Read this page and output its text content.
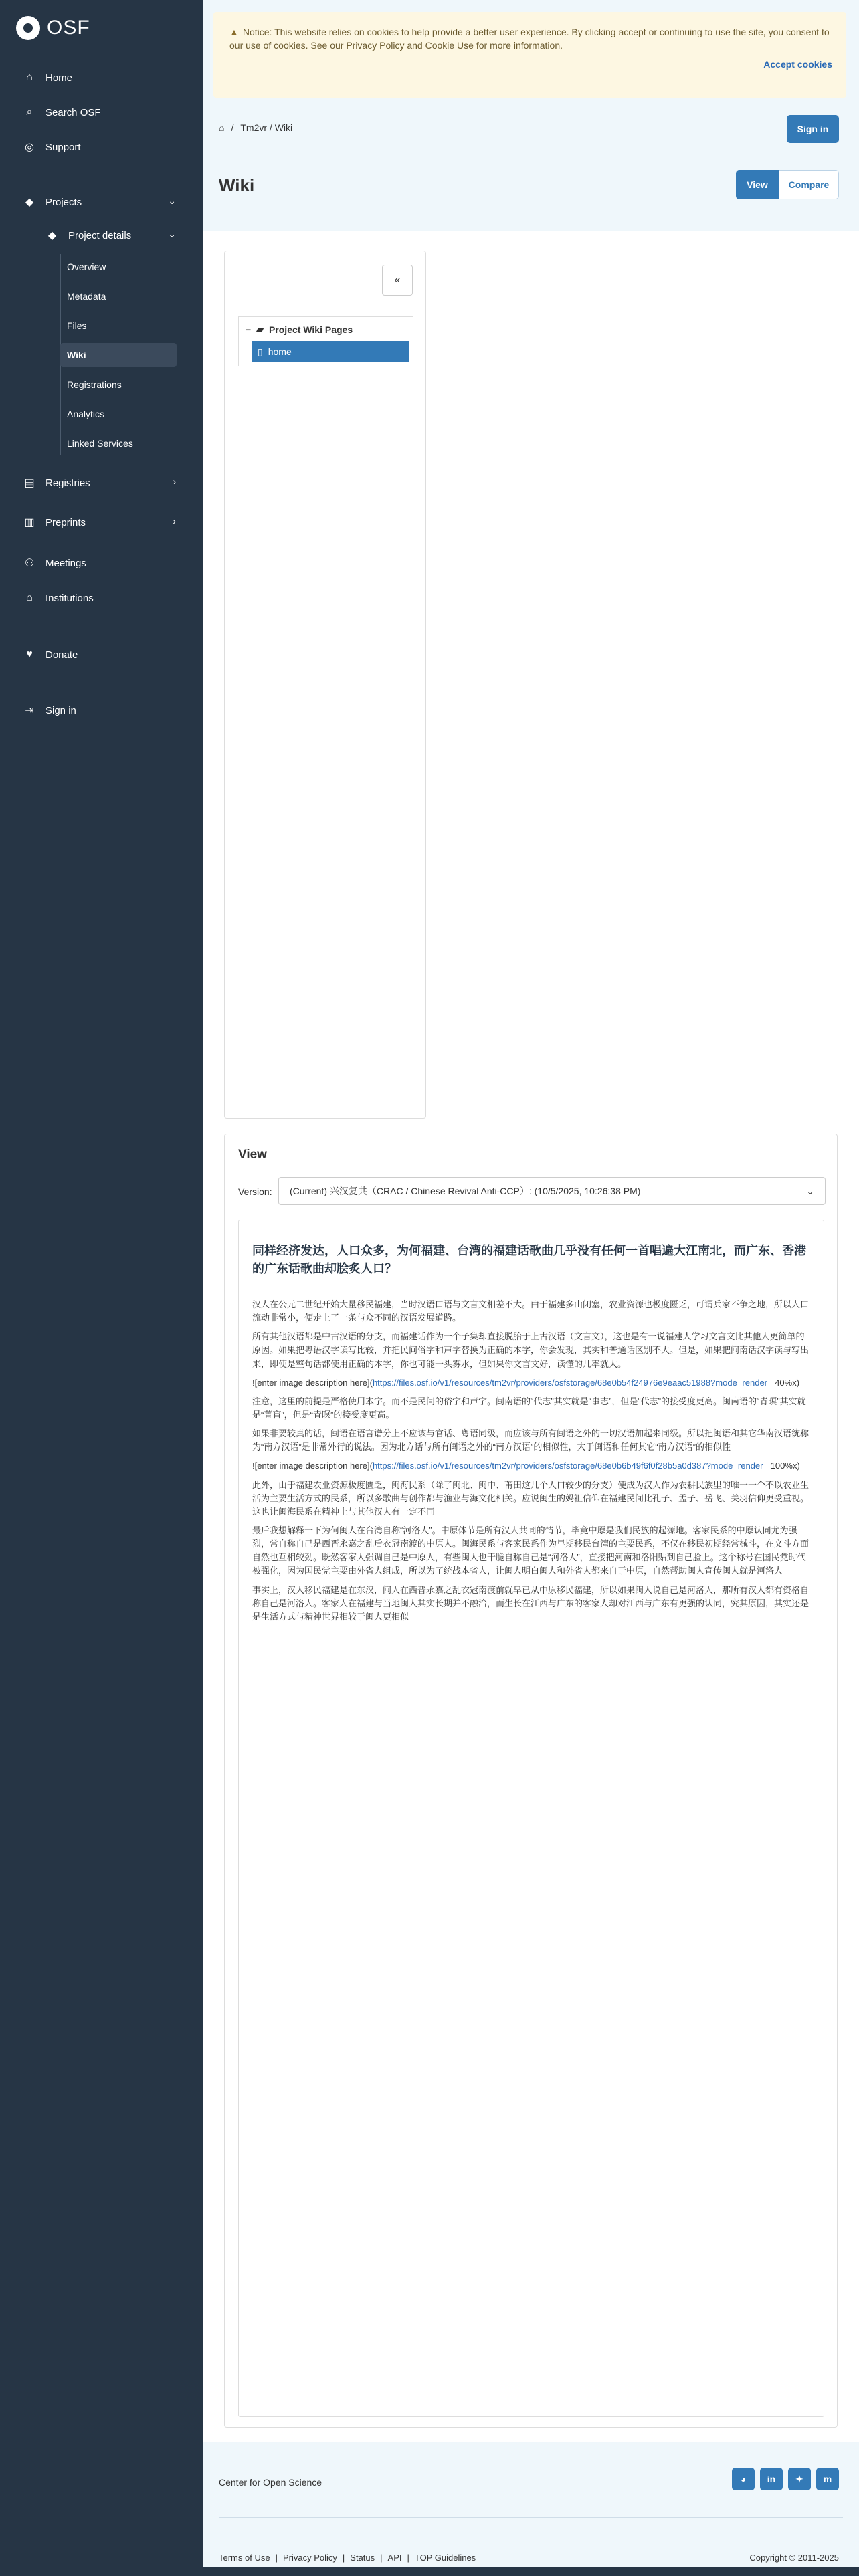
OSF
⌂	Home
⌕	Search OSF
◎ Support
◆ Projects	⌄
◆ Project details	⌄
Overview
Metadata
Files
Wiki
Registrations
Analytics
Linked Services
▤ Registries	›
▥ Preprints	›
⚇ Meetings
⌂	Institutions
♥	Donate
⇥ Sign in
▲ Notice: This website relies on cookies to help provide a better user experience. By clicking accept or continuing to use the site, you consent to our use of cookies. See our Privacy Policy and Cookie Use for more information.
Accept cookies
⌂ / Tm2vr / Wiki	Sign in
Wiki	View	Compare
«
− ▰ Project Wiki Pages
▯ home
View
Version: (Current) 兴汉复共（CRAC / Chinese Revival Anti-CCP）: (10/5/2025, 10:26:38 PM)	⌄
同样经济发达，人口众多，为何福建、台湾的福建话歌曲几乎没有任何一首唱遍大江南北，而广东、香港的广东话歌曲却脍炙人口？

汉人在公元二世纪开始大量移民福建，当时汉语口语与文言文相差不大。由于福建多山闭塞，农业资源也极度匮乏，可谓兵家不争之地，所以人口流动非常小，便走上了一条与众不同的汉语发展道路。

所有其他汉语都是中古汉语的分支，而福建话作为一个子集却直接脱胎于上古汉语（文言文），这也是有一说福建人学习文言文比其他人更简单的原因。如果把粤语汉字读写比较，并把民间俗字和声字替换为正确的本字，你会发现，其实和普通话区别不大。但是，如果把闽南话汉字读与写出来，即使是整句话都使用正确的本字，你也可能一头雾水，但如果你文言文好，读懂的几率就大。

![enter image description here](https://files.osf.io/v1/resources/tm2vr/providers/osfstorage/68e0b54f24976e9eaac51988?mode=render =40%x)

注意，这里的前提是严格使用本字。而不是民间的俗字和声字。闽南语的“代志”其实就是“事志”，但是“代志”的接受度更高。闽南语的“青暝”其实就是“菁盲”，但是“青暝”的接受度更高。

如果非要较真的话，闽语在语言谱分上不应该与官话、粤语同级，而应该与所有闽语之外的一切汉语加起来同级。所以把闽语和其它华南汉语统称为“南方汉语”是非常外行的说法。因为北方话与所有闽语之外的“南方汉语”的相似性，大于闽语和任何其它“南方汉语”的相似性

![enter image description here](https://files.osf.io/v1/resources/tm2vr/providers/osfstorage/68e0b6b49f6f0f28b5a0d387?mode=render =100%x)

此外，由于福建农业资源极度匮乏，闽海民系（除了闽北、闽中、莆田这几个人口较少的分支）便成为汉人作为农耕民族里的唯一一个不以农业生活为主要生活方式的民系，所以多歌曲与创作都与渔业与海文化相关。应说闽生的妈祖信仰在福建民间比孔子、孟子、岳飞、关羽信仰更受重视。这也让闽海民系在精神上与其他汉人有一定不同

最后我想解释一下为何闽人在台湾自称“河洛人”。中原体节是所有汉人共同的情节，毕竟中原是我们民族的起源地。客家民系的中原认同尤为强烈，常自称自己是西晋永嘉之乱后衣冠南渡的中原人。闽海民系与客家民系作为早期移民台湾的主要民系，不仅在移民初期经常械斗，在文斗方面自然也互相较劲。既然客家人强调自己是中原人，有些闽人也干脆自称自己是“河洛人”，直接把河南和洛阳贴到自己脸上。这个称号在国民党时代被强化，因为国民党主要由外省人组成，所以为了统战本省人，让闽人明白闽人和外省人都来自于中原，自然帮助闽人宣传闽人就是河洛人

事实上，汉人移民福建是在东汉，闽人在西晋永嘉之乱衣冠南渡前就早已从中原移民福建，所以如果闽人说自己是河洛人，那所有汉人都有资格自称自己是河洛人。客家人在福建与当地闽人其实长期并不融洽，而生长在江西与广东的客家人却对江西与广东有更强的认同，究其原因，其实还是是生活方式与精神世界相较于闽人更相似

Center for Open Science	◕	in	✦	m
Terms of Use | Privacy Policy | Status | API | TOP Guidelines	Copyright © 2011-2025
